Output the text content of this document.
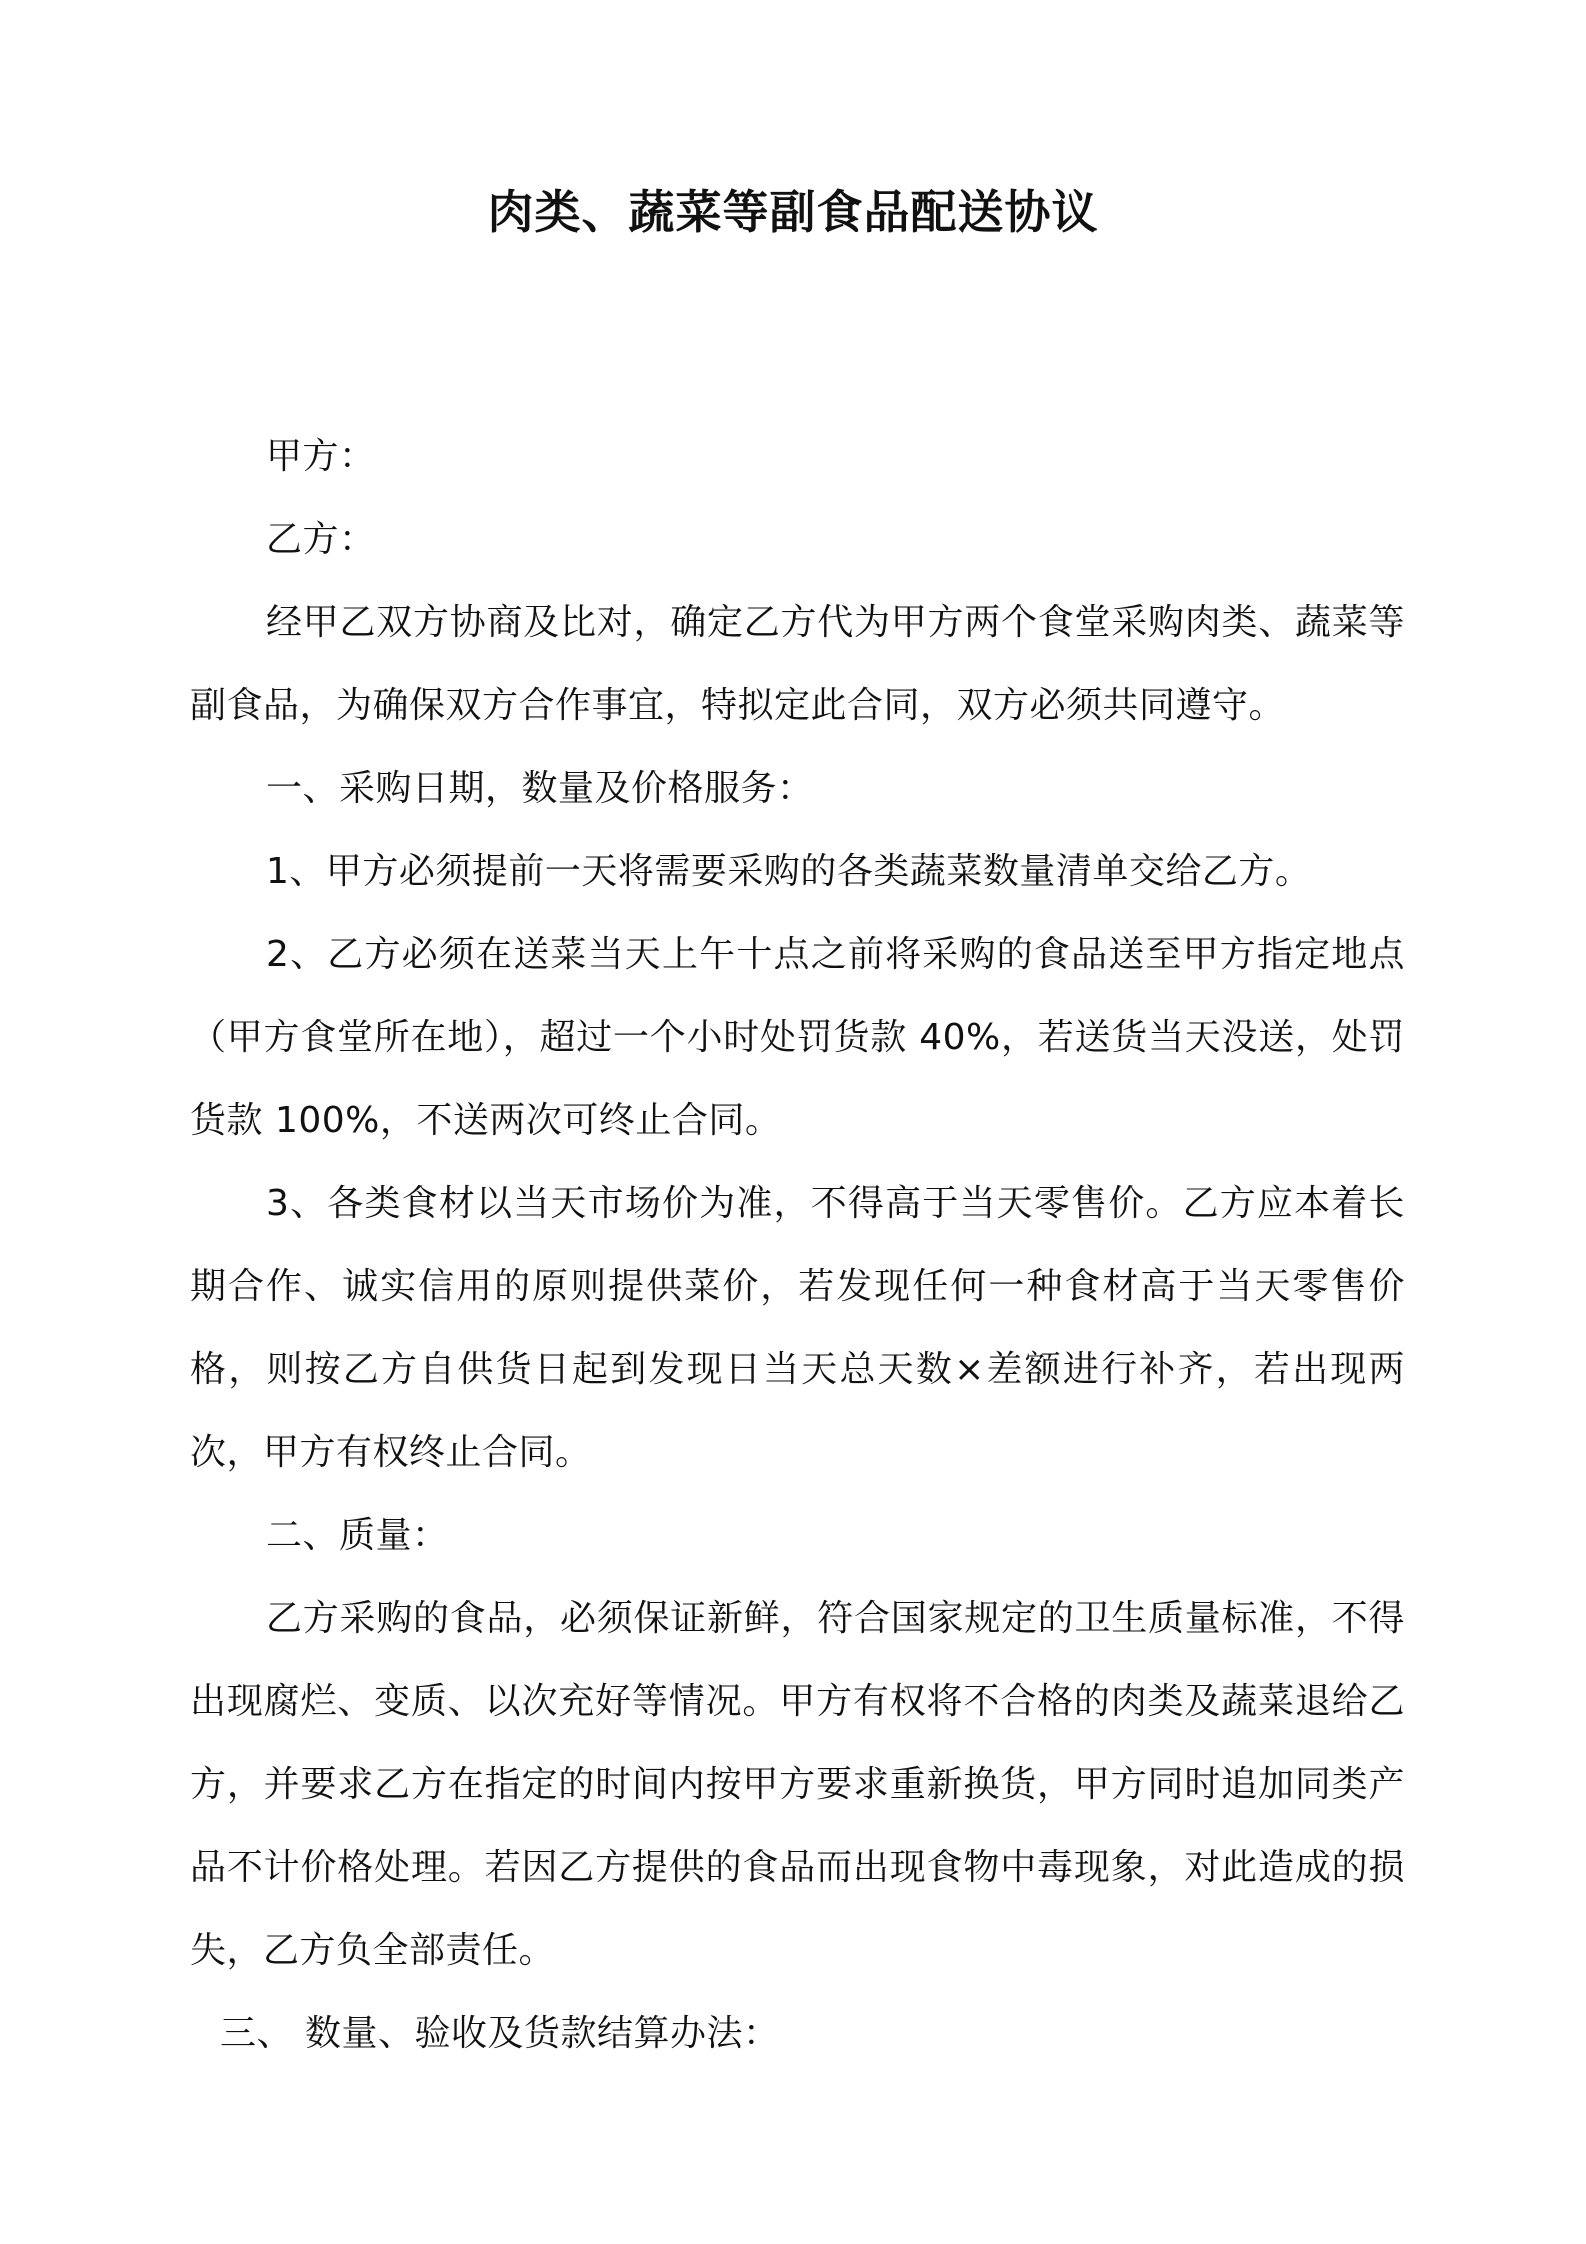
肉类、蔬菜等副食品配送协议

甲方：

乙方：

经甲乙双方协商及比对，确定乙方代为甲方两个食堂采购肉类、蔬菜等副食品，为确保双方合作事宜，特拟定此合同，双方必须共同遵守。

一、采购日期，数量及价格服务：

1、甲方必须提前一天将需要采购的各类蔬菜数量清单交给乙方。

2、乙方必须在送菜当天上午十点之前将采购的食品送至甲方指定地点（甲方食堂所在地），超过一个小时处罚货款 40%，若送货当天没送，处罚货款 100%，不送两次可终止合同。

3、各类食材以当天市场价为准，不得高于当天零售价。乙方应本着长期合作、诚实信用的原则提供菜价，若发现任何一种食材高于当天零售价格，则按乙方自供货日起到发现日当天总天数×差额进行补齐，若出现两次，甲方有权终止合同。

二、质量：

乙方采购的食品，必须保证新鲜，符合国家规定的卫生质量标准，不得出现腐烂、变质、以次充好等情况。甲方有权将不合格的肉类及蔬菜退给乙方，并要求乙方在指定的时间内按甲方要求重新换货，甲方同时追加同类产品不计价格处理。若因乙方提供的食品而出现食物中毒现象，对此造成的损失，乙方负全部责任。

三、 数量、验收及货款结算办法：
